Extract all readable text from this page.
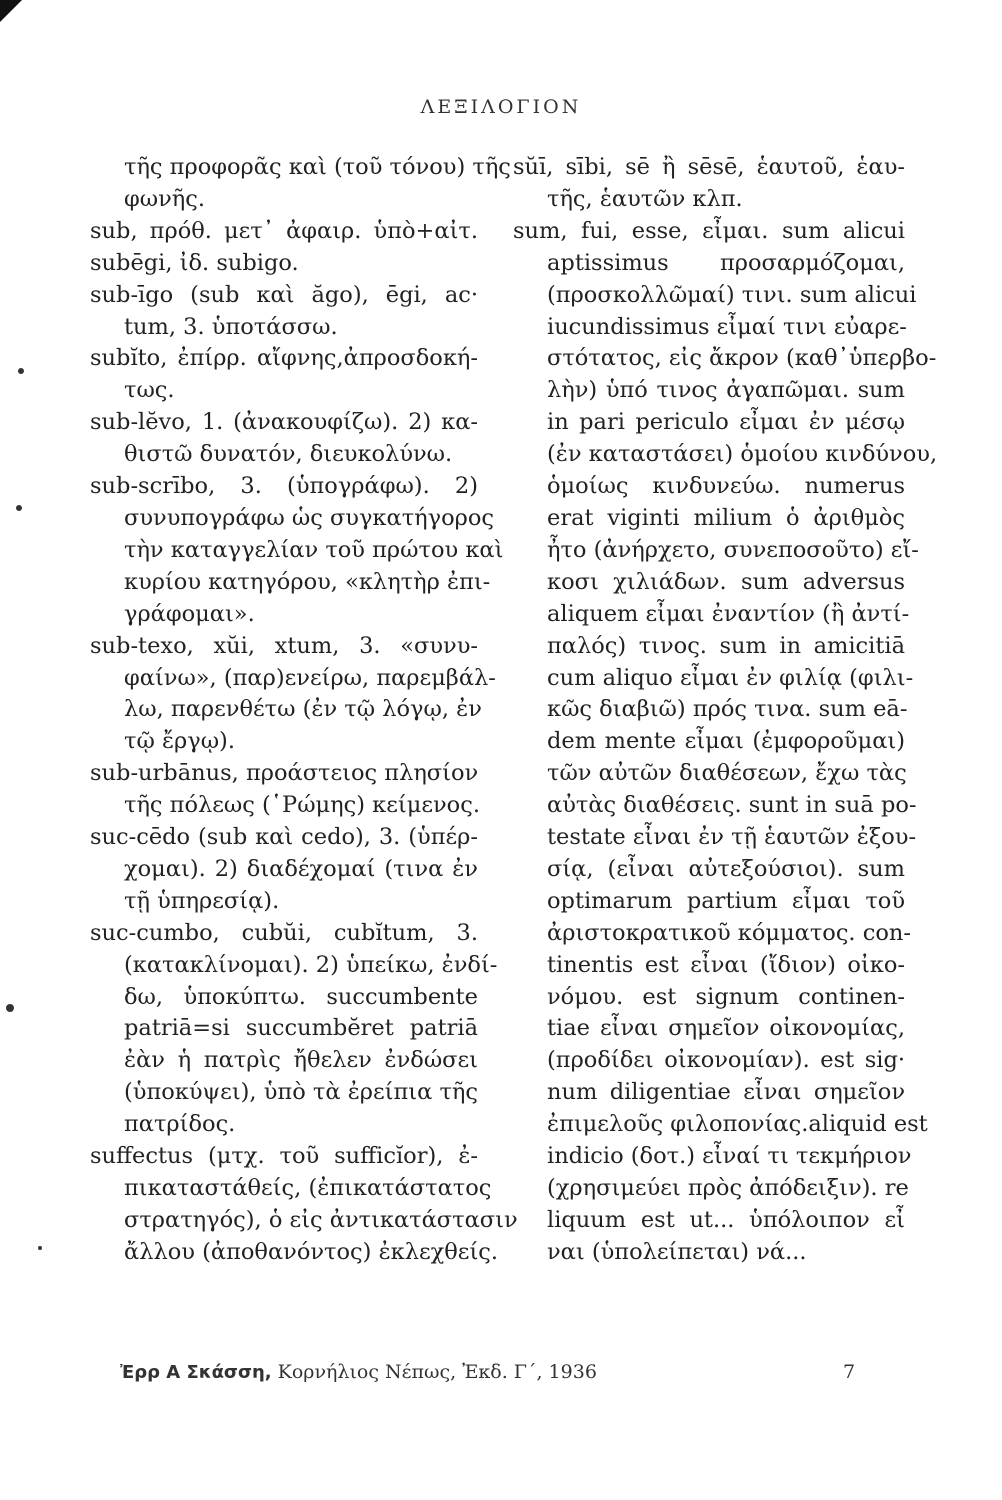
ΛΕΞΙΛΟΓΙΟΝ
τῆς προφορᾶς καὶ (τοῦ τόνου) τῆς
φωνῆς.
sub, πρόθ. μετ᾽ ἀφαιρ. ὑπὸ+αἰτ.
subēgi, ἰδ. subigo.
sub-īgo (sub καὶ ăgo), ēgi, ac·
tum, 3. ὑποτάσσω.
subĭto, ἐπίρρ. αἴφνης,ἀπροσδοκή-
τως.
sub-lĕvo, 1. (ἀνακουφίζω). 2) κα-
θιστῶ δυνατόν, διευκολύνω.
sub-scrībo, 3. (ὑπογράφω). 2)
συνυπογράφω ὡς συγκατήγορος
τὴν καταγγελίαν τοῦ πρώτου καὶ
κυρίου κατηγόρου, «κλητὴρ ἐπι-
γράφομαι».
sub-texo, xŭi, xtum, 3. «συνυ-
φαίνω», (παρ)ενείρω, παρεμβάλ-
λω, παρενθέτω (ἐν τῷ λόγῳ, ἐν
τῷ ἔργῳ).
sub-urbānus, προάστειος πλησίον
τῆς πόλεως (῾Ρώμης) κείμενος.
suc-cēdo (sub καὶ cedo), 3. (ὑπέρ-
χομαι). 2) διαδέχομαί (τινα ἐν
τῇ ὑπηρεσίᾳ).
suc-cumbo, cubŭi, cubĭtum, 3.
(κατακλίνομαι). 2) ὑπείκω, ἐνδί-
δω, ὑποκύπτω. succumbente
patriā=si succumbĕret patriā
ἐὰν ἡ πατρὶς ἤθελεν ἐνδώσει
(ὑποκύψει), ὑπὸ τὰ ἐρείπια τῆς
πατρίδος.
suffectus (μτχ. τοῦ sufficĭor), ἐ-
πικαταστάθείς, (ἐπικατάστατος
στρατηγός), ὁ εἰς ἀντικατάστασιν
ἄλλου (ἀποθανόντος) ἐκλεχθείς.
sŭī, sībi, sē ἢ sēsē, ἑαυτοῦ, ἑαυ-
τῆς, ἑαυτῶν κλπ.
sum, fui, esse, εἶμαι. sum alicui
aptissimus προσαρμόζομαι,
(προσκολλῶμαί) τινι. sum alicui
iucundissimus εἶμαί τινι εὐαρε-
στότατος, εἰς ἄκρον (καθ᾽ὑπερβο-
λὴν) ὑπό τινος ἀγαπῶμαι. sum
in pari periculo εἶμαι ἐν μέσῳ
(ἐν καταστάσει) ὁμοίου κινδύνου,
ὁμοίως κινδυνεύω. numerus
erat viginti milium ὁ ἀριθμὸς
ἦτο (ἀνήρχετο, συνεποσοῦτο) εἴ-
κοσι χιλιάδων. sum adversus
aliquem εἶμαι ἐναντίον (ἢ ἀντί-
παλός) τινος. sum in amicitiā
cum aliquo εἶμαι ἐν φιλίᾳ (φιλι-
κῶς διαβιῶ) πρός τινα. sum eā-
dem mente εἶμαι (ἐμφοροῦμαι)
τῶν αὐτῶν διαθέσεων, ἔχω τὰς
αὐτὰς διαθέσεις. sunt in suā po-
testate εἶναι ἐν τῇ ἑαυτῶν ἐξου-
σίᾳ, (εἶναι αὐτεξούσιοι). sum
optimarum partium εἶμαι τοῦ
ἀριστοκρατικοῦ κόμματος. con-
tinentis est εἶναι (ἴδιον) οἰκο-
νόμου. est signum continen-
tiae εἶναι σημεῖον οἰκονομίας,
(προδίδει οἰκονομίαν). est sig·
num diligentiae εἶναι σημεῖον
ἐπιμελοῦς φιλοπονίας.aliquid est
indicio (δοτ.) εἶναί τι τεκμήριον
(χρησιμεύει πρὸς ἀπόδειξιν). re
liquum est ut... ὑπόλοιπον εἶ
ναι (ὑπολείπεται) νά...
Ἐρρ Α Σκάσση, Κορνήλιος Νέπως, Ἐκδ. Γ´, 1936	7
